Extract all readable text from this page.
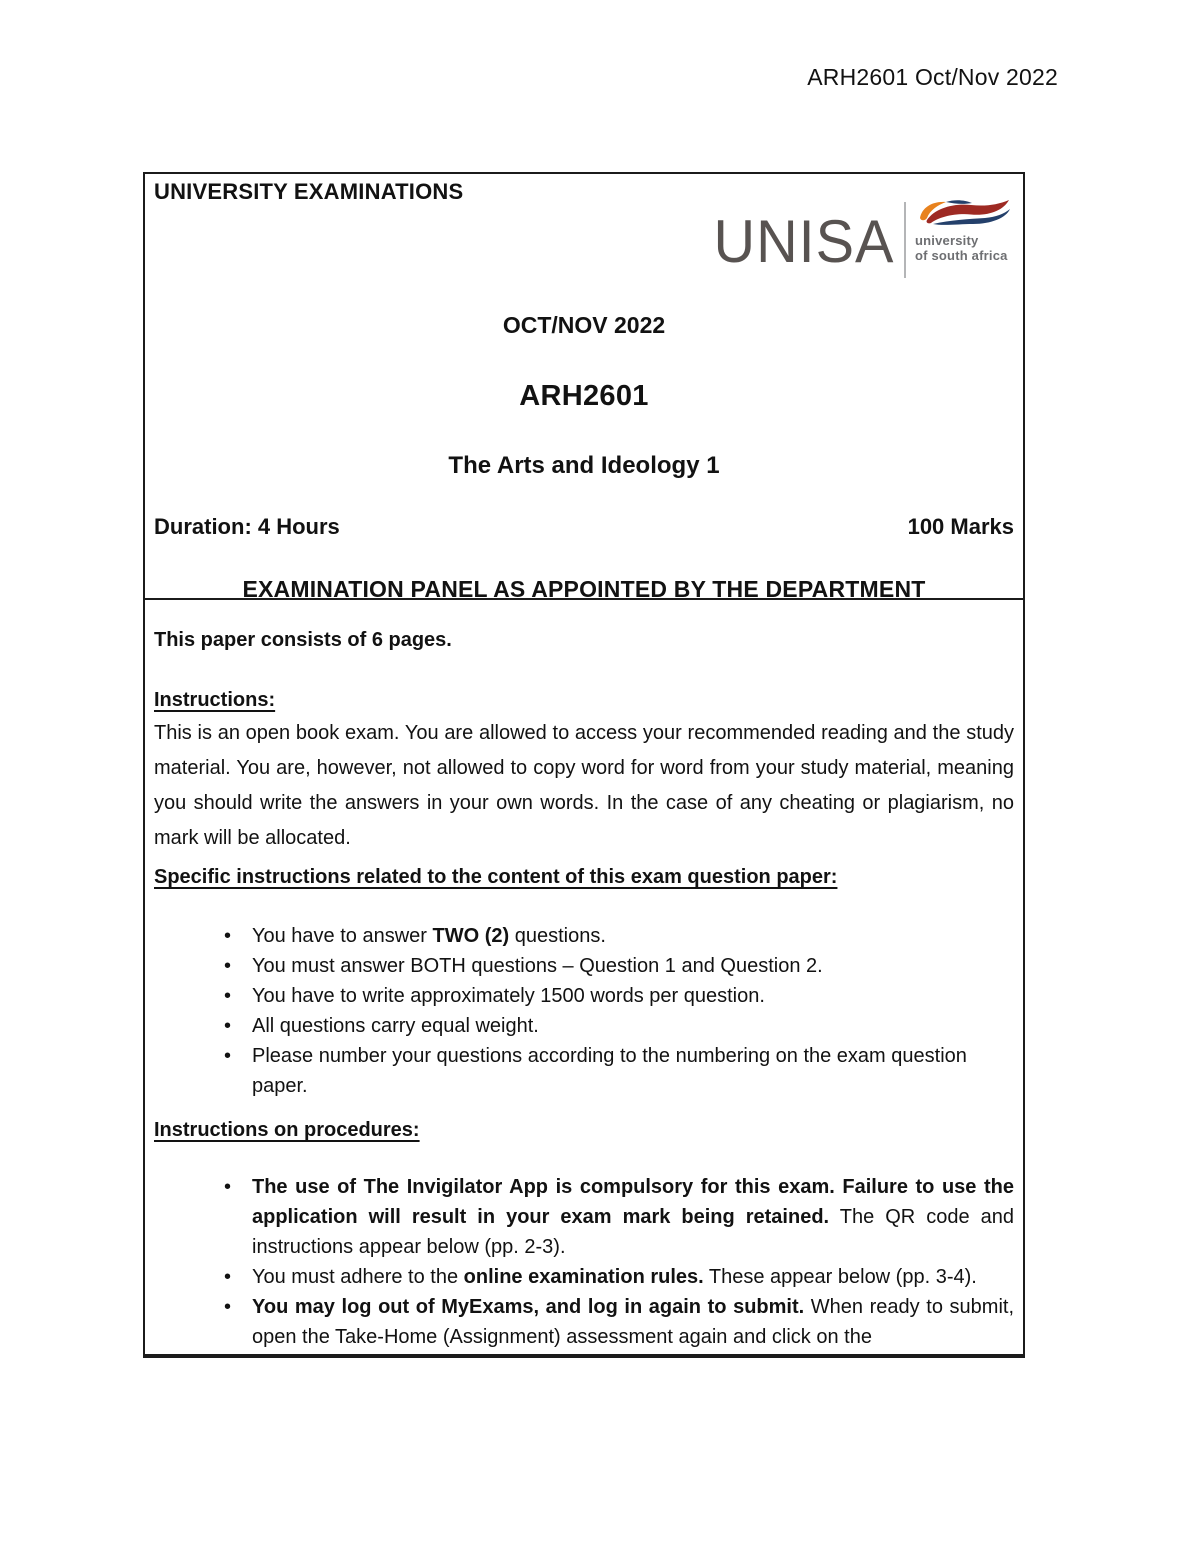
ARH2601 Oct/Nov 2022
UNIVERSITY EXAMINATIONS
UNISA university
of south africa
OCT/NOV 2022
ARH2601
The Arts and Ideology 1
Duration: 4 Hours	100 Marks
EXAMINATION PANEL AS APPOINTED BY THE DEPARTMENT

This paper consists of 6 pages.

Instructions:

This is an open book exam. You are allowed to access your recommended reading and the study material. You are, however, not allowed to copy word for word from your study material, meaning you should write the answers in your own words. In the case of any cheating or plagiarism, no mark will be allocated.

Specific instructions related to the content of this exam question paper:

• You have to answer TWO (2) questions.
• You must answer BOTH questions – Question 1 and Question 2.
• You have to write approximately 1500 words per question.
• All questions carry equal weight.
• Please number your questions according to the numbering on the exam question paper.

Instructions on procedures:

• The use of The Invigilator App is compulsory for this exam. Failure to use the application will result in your exam mark being retained. The QR code and instructions appear below (pp. 2-3).
• You must adhere to the online examination rules. These appear below (pp. 3-4).
• You may log out of MyExams, and log in again to submit. When ready to submit, open the Take-Home (Assignment) assessment again and click on the
